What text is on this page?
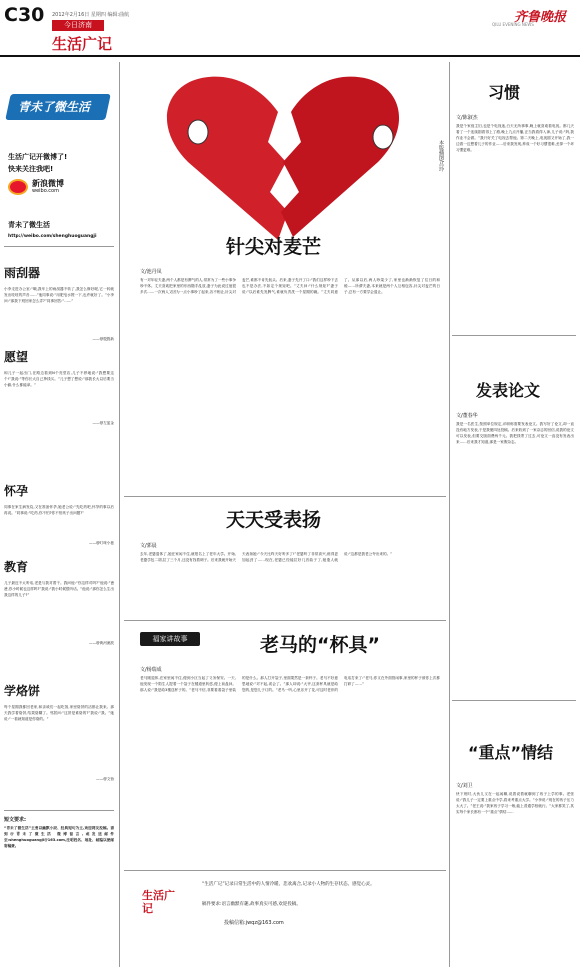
C30 2012年2月16日 星期四 编辑:曲航
今日济南
生活广记
齐鲁晚报
QILU EVENING NEWS
青未了微生活
生活广记开微博了!
快来关注我吧!
新浪微博
weibo.com
青未了微生活
http://weibo.com/shenghuoguangji
雨刮器
小李走进办公室:“哦,我车上的雨刮器不转了,我怎么修好呢,它一转就发出吱吱的声音……”他同事说:“用肥皂水擦一下,也许就好了。”小李问:“那我下班回家怎么弄?”同事回答:“……”
——@殷胜新
愿望
和儿子一起出门,在路边看到N个亮堂店,儿子不停地说:“我想要这个!”我说:“等你长大自己挣钱买。”儿子想了想说:“那我长大以后要当小偷,什么都能拿。”
——@左蓝金
怀孕
同事在家生病发烧,又在准备怀孕,她老公说:“先吃药吧,怀孕的事以后再说。”同事说:“吃药,你不怕?你不怕孩子出问题?”
——@叮咚小巷
教育
儿子最近不太听话,老是与我对着干。我问他:“你这样对吗?”他说:“爸爸,你小时候也这样吗?”我说:“我小时候很听话。”他说:“那你怎么生出我这样的儿子?”
——@黄河流波
学烙饼
每个星期我都回老家,和亲戚们一起吃饭,家里烙饼的活都让我来。那天我学着烙饼,结果烙糊了。邻居问:“这饼是谁烙的?”我说:“我。”她说:“一看就知道是你烙的。”
——@文怡
短文要求:
“青未了微生活”主要以幽默小段、经典短句为主,欢迎网友投稿。请到@青未了微生活 微博留言,或发送邮件至:shenghuoguangji@163.com,注明姓名、地址、邮编以便邮寄稿费。
本版插图/吕玲
针尖对麦芒
文/池丹凤
有一对年轻夫妻,两个人都是有脾气的人,常常为了一些小事争吵不休。丈夫喜欢把家里的东西随手乱放,妻子为此说过他很多次……一次两人又因为一点小事吵了起来,各不相让,针尖对麦芒,谁都不肯先低头。后来,妻子先开了口:“我们这样吵下去也不是办法,不如定个规矩吧。”丈夫问:“什么规矩?”妻子说:“以后谁先发脾气,谁就负责洗一个星期的碗。”丈夫同意了。从那以后,两人吵架少了,家里也渐渐恢复了往日的和睦……所谓夫妻,本来就是两个人互相包容,针尖对麦芒的日子,总有一方要学会退让。
天天受表扬
文/郭晨
去年,老婆退休了,她在家闲不住,就报名上了老年大学。开始,老婆学包二胡,拉了三个月,还没有找着调子。后来我就开始天天表扬她:“今天比昨天好听多了!”老婆听了非常高兴,练得更加起劲了……现在,老婆已经能拉好几首曲子了,她逢人就说:“这都是我老公夸出来的。”
福家讲故事	老马的“杯具”
文/杨瑞成
老马刚退休,在家里闲不住,便到小区当起了义务保安。一天,他发现一个陌生人提着一个袋子在楼道里转悠,便上前盘问。那人说:“我是给3楼送杯子的。”老马不信,非要看看袋子里装的是什么。那人打开袋子,里面果然是一套杯子。老马不好意思地说:“对不起,误会了。”那人却说:“大爷,这套杯具就是给您的,是您儿子订的。”老马一听,心里乐开了花,可这时老伴的电话打来了:“老马,你又在外面管闲事,家里的杯子被你上次都打碎了……”
生活广记
“生活广记”记录日常生活中的人情冷暖、悲欢离合,记录小人物的生存状态、感觉心灵。
稿件要求:语言幽默有趣,故事真实可感,欢迎投稿。
投稿信箱:jwqz@163.com
习惯
文/陈淑杰
我是个家庭主妇,也是个电视迷,白天无所事事,晚上就喜欢看电视。都几天看了一个连续剧看得上了瘾,晚上九点开播,正当我看得入神,儿子说:“妈,我作业不会做。”我只好关了电视去帮他。第二天晚上,电视剧又开始了,我一边看一边想着儿子的作业……后来我发现,养成一个好习惯很难,丢掉一个坏习惯更难。
发表论文
文/董春华
我是一名医生,按照单位规定,评职称需要发表论文。我写好了论文,却一直没有地方发表,于是我便四处投稿。后来收到了一家杂志的回信,说我的论文可以发表,但要交版面费两千元。我把钱寄了过去,可论文一直没有发表出来……后来我才知道,那是一家假杂志。
“重点”情结
文/刘卫
快下班时,大伙儿又在一起闲聊,说着说着就聊到了孩子上学的事。老张说:“我儿子一定要上重点中学,将来考重点大学。”小李说:“现在的孩子压力太大了。”老王说:“我家孩子学习一般,能上普通学校就行。”大家都笑了,其实每个家长都有一个“重点”情结……
